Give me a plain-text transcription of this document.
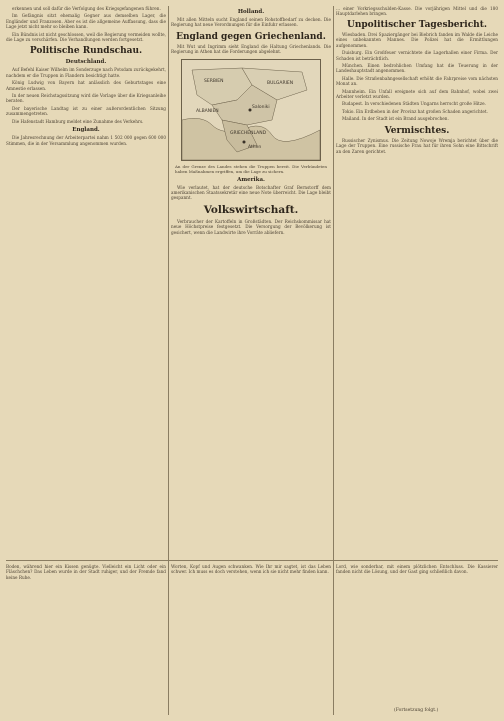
erkennen und soll dafür die Verfolgung des Kriegsgefangenen führen.

Im Gefängnis sitzt ehemalig Gegner aus demselben Lager, die Engländer und Franzosen. Aber es ist die allgemeine Auffassung, dass die Lage jetzt nicht mehr so bleiben kann.

Ein Bündnis ist nicht geschlossen, weil die Regierung vermeiden wollte, die Lage zu verschärfen. Die Verhandlungen werden fortgesetzt.

Politische Rundschau.
Deutschland.

Auf Befehl Kaiser Wilhelm im Sonderzuge nach Potsdam zurückgekehrt, nachdem er die Truppen in Flandern besichtigt hatte.

König Ludwig von Bayern hat anlässlich des Geburtstages eine Amnestie erlassen.

In der neuen Reichstagssitzung wird die Vorlage über die Kriegsanleihe beraten.

Der bayerische Landtag ist zu einer außerordentlichen Sitzung zusammengetreten.

Die Hafenstadt Hamburg meldet eine Zunahme des Verkehrs.

England.

Die Jahresrechnung der Arbeiterpartei nahm 1 502 000 gegen 600 000 Stimmen, die in der Versammlung angenommen wurden.

Holland.

Mit allen Mitteln sucht England seinen Rohstoffbedarf zu decken. Die Regierung hat neue Verordnungen für die Einfuhr erlassen.

England gegen Griechenland.

Mit Wut und Ingrimm sieht England die Haltung Griechenlands. Die Regierung in Athen hat die Forderungen abgelehnt.

SERBIEN	BULGARIEN
ALBANIEN
GRIECHENLAND
Saloniki
Athen
An der Grenze des Landes stehen die Truppen bereit. Die Verbündeten haben Maßnahmen ergriffen, um die Lage zu sichern.
Amerika.

Wie verlautet, hat der deutsche Botschafter Graf Bernstorff dem amerikanischen Staatssekretär eine neue Note überreicht. Die Lage bleibt gespannt.

Volkswirtschaft.

Verbraucher der Kartoffeln in Großstädten. Der Reichskommissar hat neue Höchstpreise festgesetzt. Die Versorgung der Bevölkerung ist gesichert, wenn die Landwirte ihre Vorräte abliefern.

... einer Vorkriegsschulden-Kasse. Die vorjährigen Mittel und die 180 Hauptdarlehen bringen.
Unpolitischer Tagesbericht.

Wiesbaden. Drei Spaziergänger bei Biebrich fanden im Walde die Leiche eines unbekannten Mannes. Die Polizei hat die Ermittlungen aufgenommen.

Duisburg. Ein Großfeuer vernichtete die Lagerhallen einer Firma. Der Schaden ist beträchtlich.

München. Einen bedrohlichen Umfang hat die Teuerung in der Landeshauptstadt angenommen.

Halle. Die Straßenbahngesellschaft erhöht die Fahrpreise vom nächsten Monat an.

Mannheim. Ein Unfall ereignete sich auf dem Bahnhof, wobei zwei Arbeiter verletzt wurden.

Budapest. In verschiedenen Städten Ungarns herrscht große Hitze.

Tokio. Ein Erdbeben in der Provinz hat großen Schaden angerichtet.

Mailand. In der Stadt ist ein Brand ausgebrochen.

Vermischtes.

Russischer Zynismus. Die Zeitung Nowoje Wremja berichtet über die Lage der Truppen. Eine russische Frau hat für ihren Sohn eine Bittschrift an den Zaren gerichtet.

Boden, während hier ein Kissen genügte. Vielleicht ein Licht oder ein Fläschchen? Das Leben wurde in der Stadt ruhiger, und der Fremde fand keine Ruhe.
Worten, Kopf und Augen schwanken. Wie Ihr mir sagtet, ist das Leben schwer. Ich muss es doch verstehen, wenn ich sie nicht mehr finden kann.
Lord, wie sonderbar, mit einem plötzlichen Entschluss. Die Kassierer fanden nicht die Lösung, und der Gast ging schließlich davon.
(Fortsetzung folgt.)
